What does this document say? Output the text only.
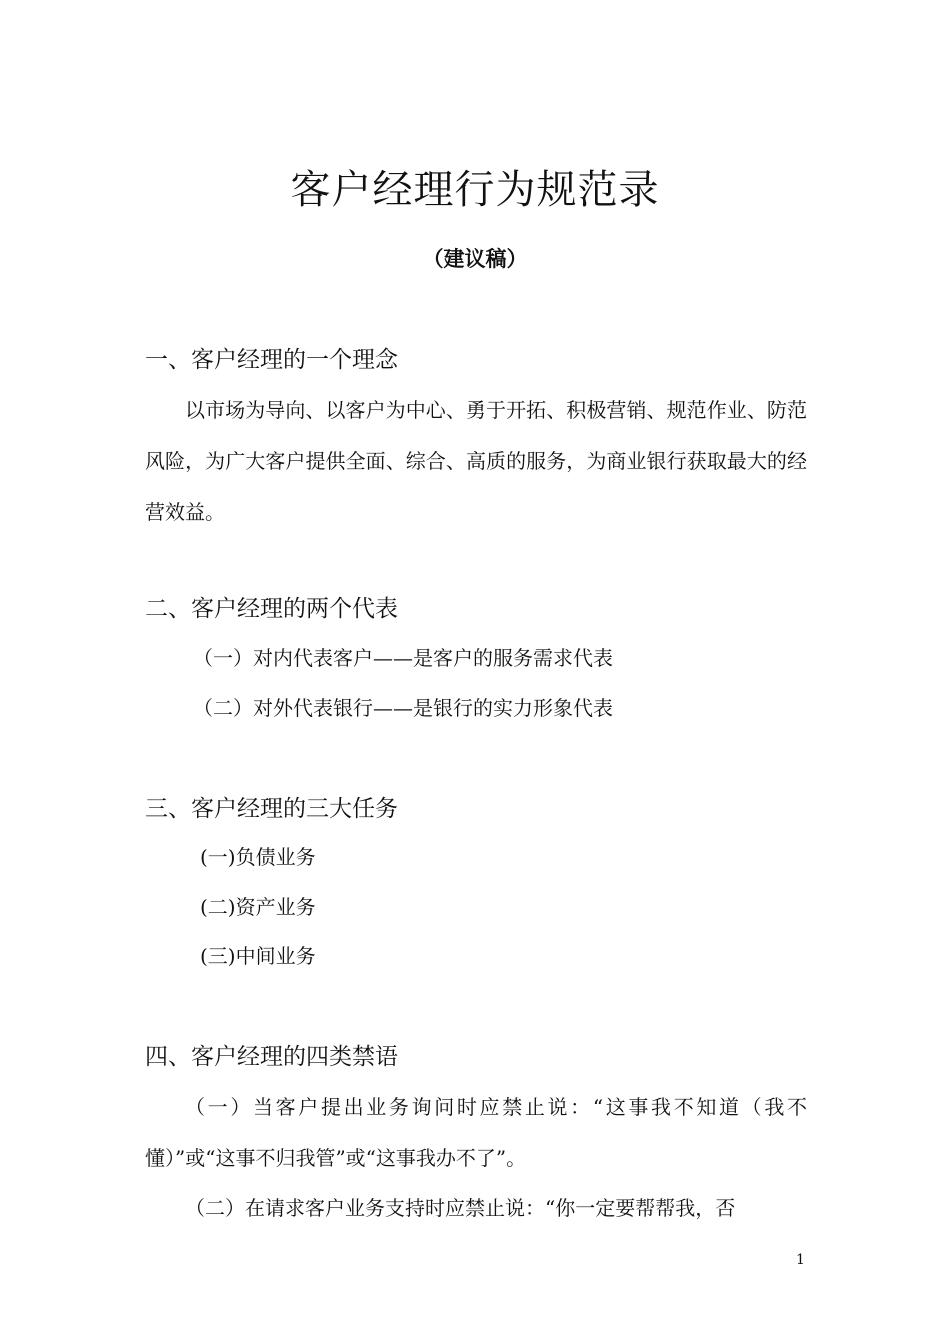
客户经理行为规范录
（建议稿）
一、客户经理的一个理念
以市场为导向、以客户为中心、勇于开拓、积极营销、规范作业、防范风险，为广大客户提供全面、综合、高质的服务，为商业银行获取最大的经营效益。
二、客户经理的两个代表
（一）对内代表客户——是客户的服务需求代表
（二）对外代表银行——是银行的实力形象代表
三、客户经理的三大任务
(一)负债业务
(二)资产业务
(三)中间业务
四、客户经理的四类禁语
（一）当客户提出业务询问时应禁止说：“这事我不知道（我不懂）”或“这事不归我管”或“这事我办不了”。
（二）在请求客户业务支持时应禁止说：“你一定要帮帮我，否
1
